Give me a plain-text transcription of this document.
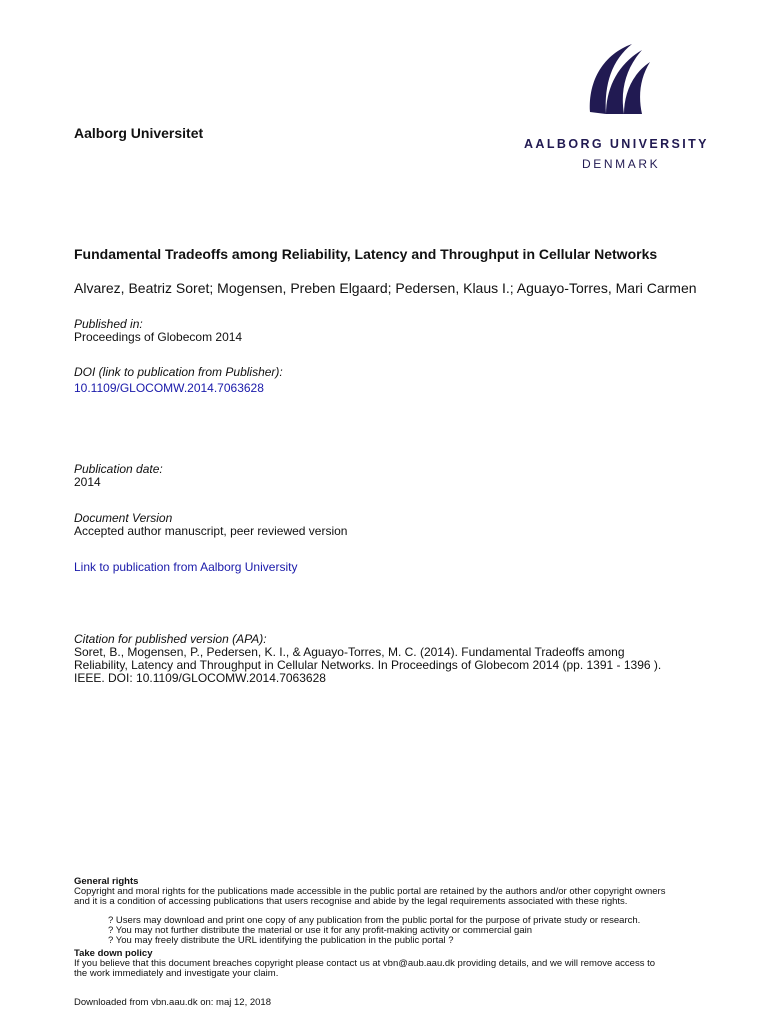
AALBORG UNIVERSITY
DENMARK
Aalborg Universitet
Fundamental Tradeoffs among Reliability, Latency and Throughput in Cellular Networks
Alvarez, Beatriz Soret; Mogensen, Preben Elgaard; Pedersen, Klaus I.; Aguayo-Torres, Mari Carmen
Published in:
Proceedings of Globecom 2014
DOI (link to publication from Publisher):
10.1109/GLOCOMW.2014.7063628
Publication date:
2014
Document Version
Accepted author manuscript, peer reviewed version
Link to publication from Aalborg University
Citation for published version (APA):
Soret, B., Mogensen, P., Pedersen, K. I., & Aguayo-Torres, M. C. (2014). Fundamental Tradeoffs among
Reliability, Latency and Throughput in Cellular Networks. In Proceedings of Globecom 2014 (pp. 1391 - 1396 ).
IEEE. DOI: 10.1109/GLOCOMW.2014.7063628
General rights
Copyright and moral rights for the publications made accessible in the public portal are retained by the authors and/or other copyright owners
and it is a condition of accessing publications that users recognise and abide by the legal requirements associated with these rights.
? Users may download and print one copy of any publication from the public portal for the purpose of private study or research.
? You may not further distribute the material or use it for any profit-making activity or commercial gain
? You may freely distribute the URL identifying the publication in the public portal ?
Take down policy
If you believe that this document breaches copyright please contact us at vbn@aub.aau.dk providing details, and we will remove access to
the work immediately and investigate your claim.
Downloaded from vbn.aau.dk on: maj 12, 2018
